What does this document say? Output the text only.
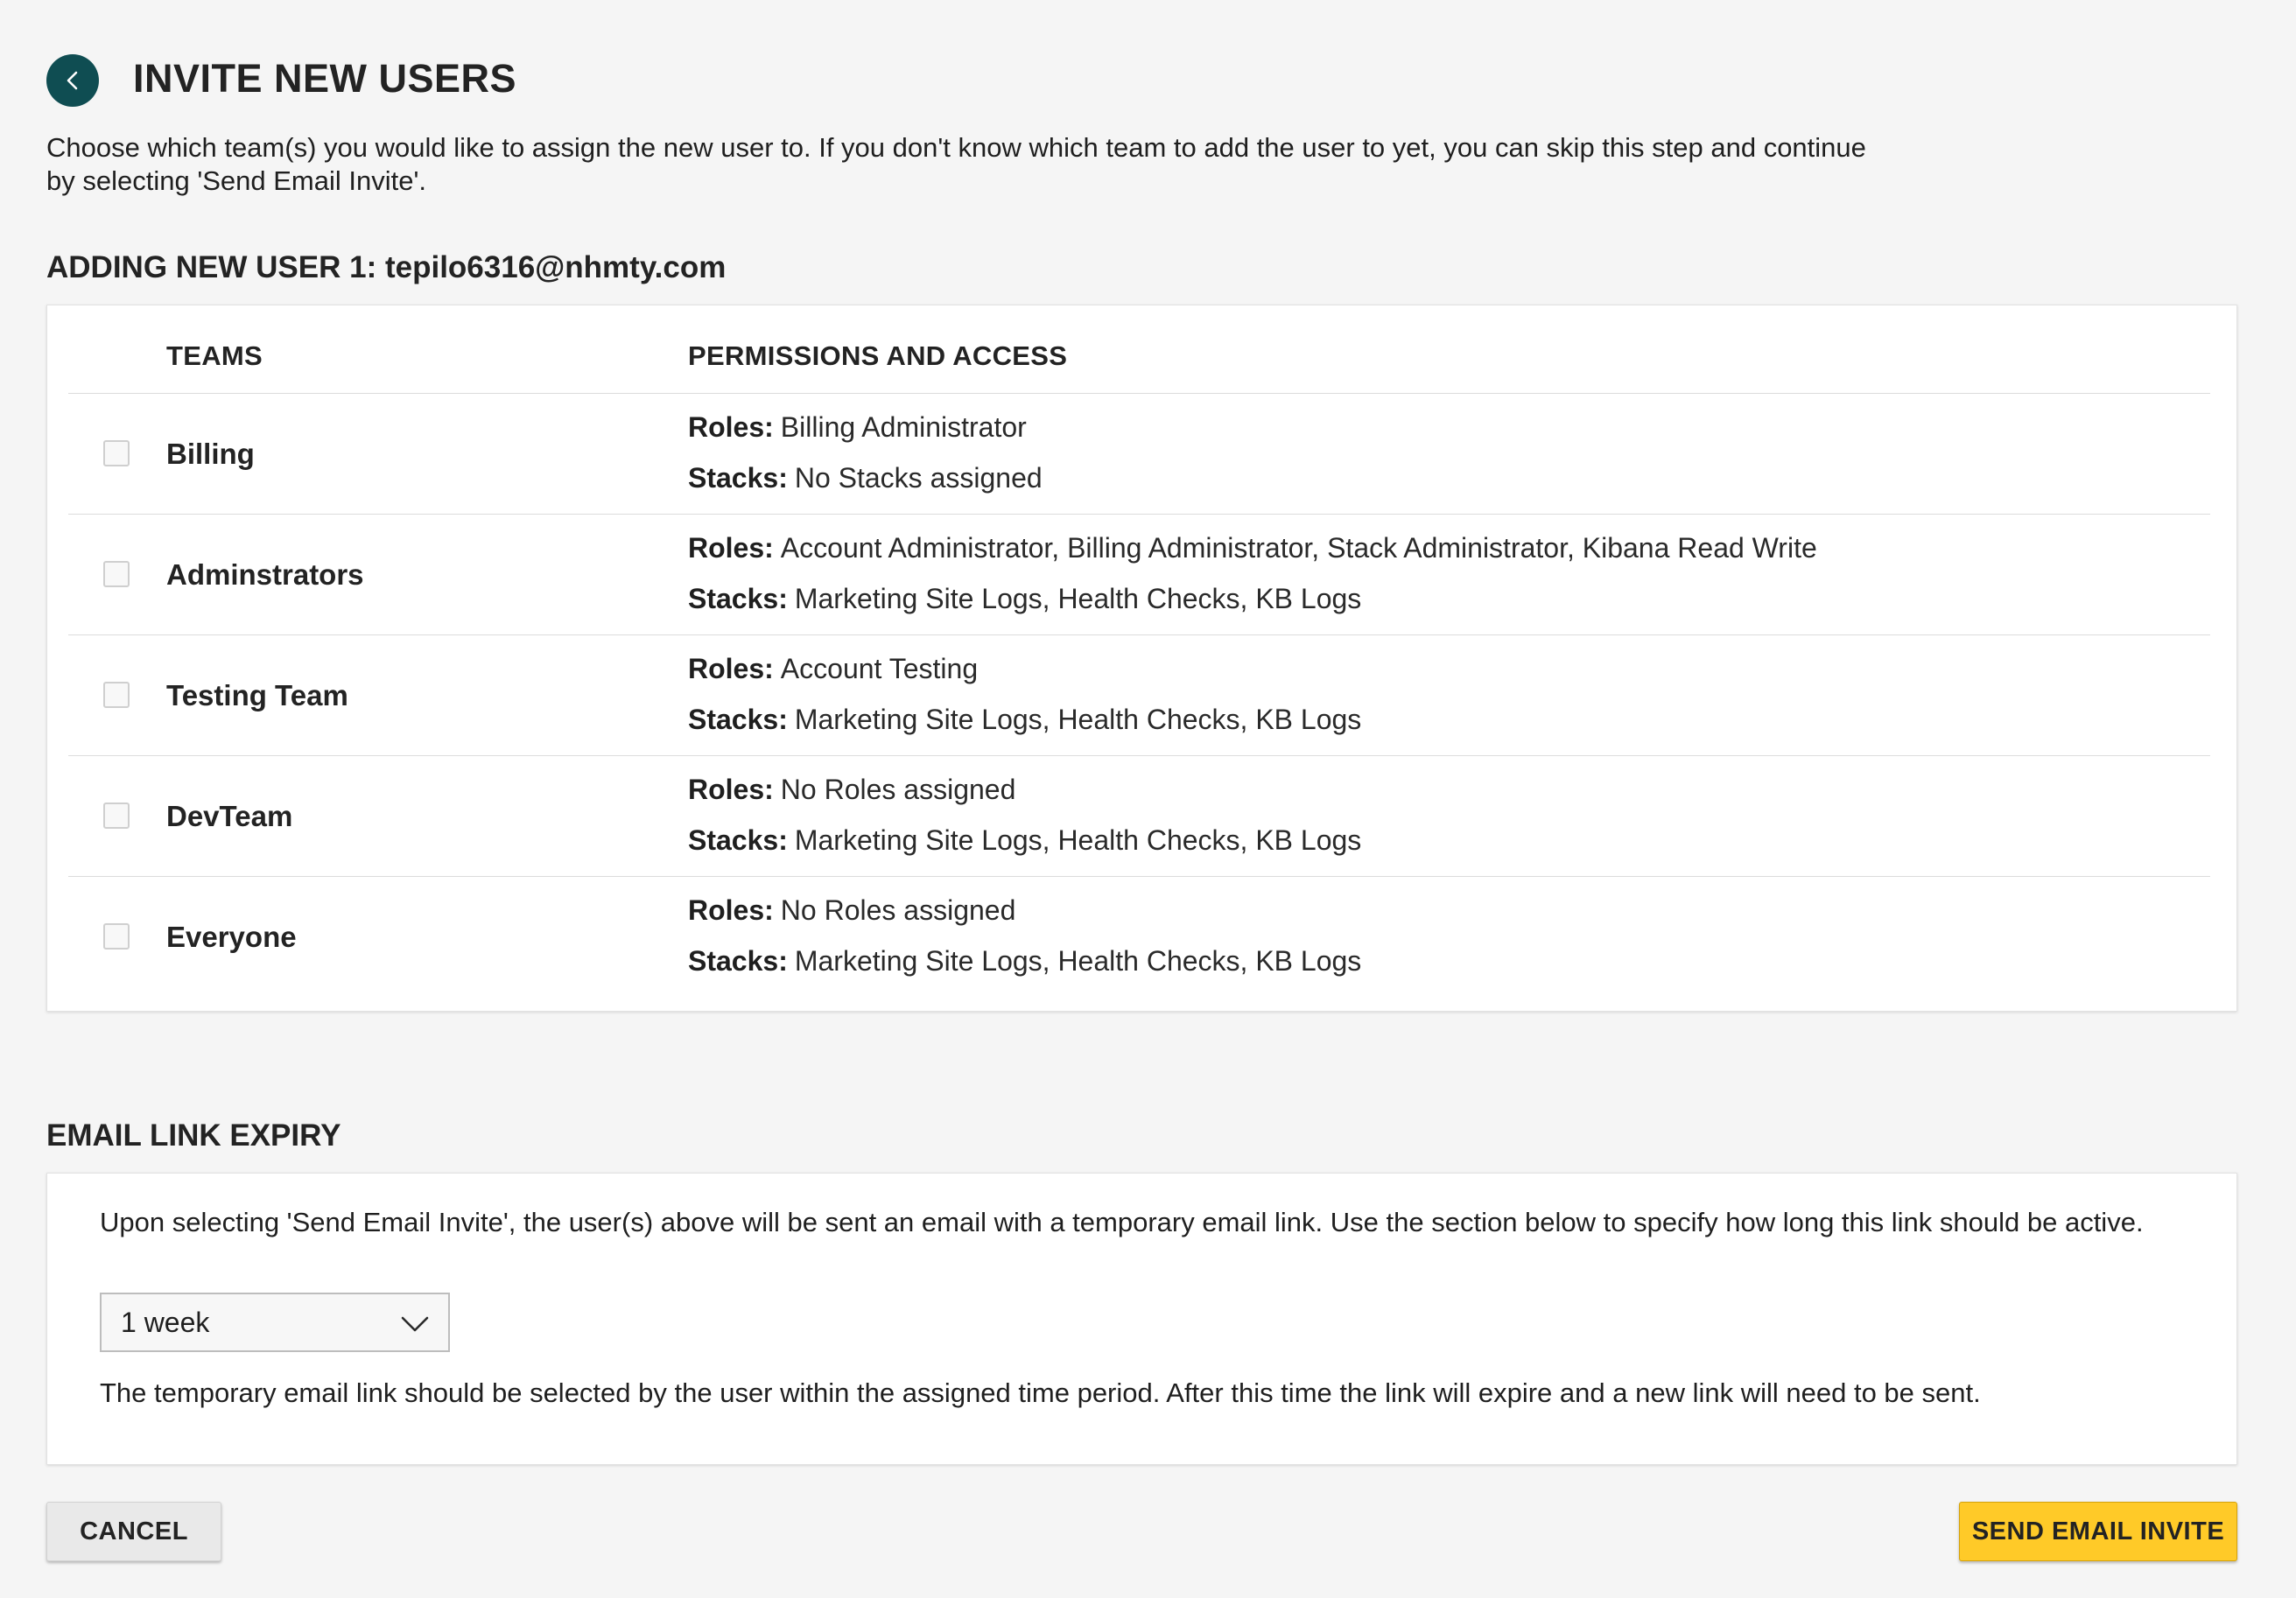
INVITE NEW USERS

Choose which team(s) you would like to assign the new user to. If you don't know which team to add the user to yet, you can skip this step and continue by selecting 'Send Email Invite'.

ADDING NEW USER 1: tepilo6316@nhmty.com
TEAMS	PERMISSIONS AND ACCESS
Billing
Roles: Billing Administrator
Stacks: No Stacks assigned
Adminstrators
Roles: Account Administrator, Billing Administrator, Stack Administrator, Kibana Read Write
Stacks: Marketing Site Logs, Health Checks, KB Logs
Testing Team
Roles: Account Testing
Stacks: Marketing Site Logs, Health Checks, KB Logs
DevTeam
Roles: No Roles assigned
Stacks: Marketing Site Logs, Health Checks, KB Logs
Everyone
Roles: No Roles assigned
Stacks: Marketing Site Logs, Health Checks, KB Logs
EMAIL LINK EXPIRY

Upon selecting 'Send Email Invite', the user(s) above will be sent an email with a temporary email link. Use the section below to specify how long this link should be active.

1 week

The temporary email link should be selected by the user within the assigned time period. After this time the link will expire and a new link will need to be sent.

CANCEL	SEND EMAIL INVITE
